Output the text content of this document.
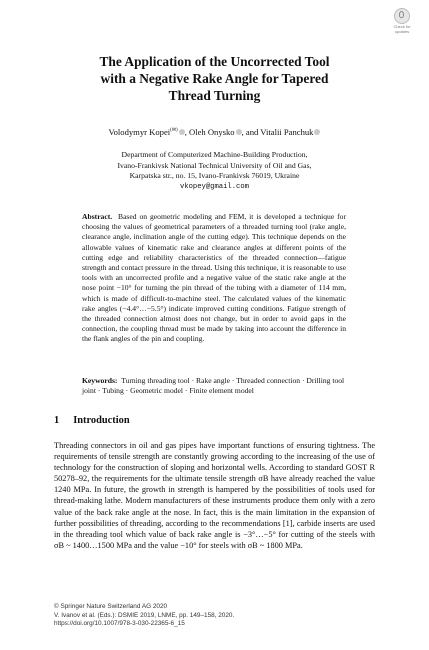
Check for updates
The Application of the Uncorrected Tool
with a Negative Rake Angle for Tapered
Thread Turning
Volodymyr Kopei(✉) , Oleh Onysko , and Vitalii Panchuk
Department of Computerized Machine-Building Production,
Ivano-Frankivsk National Technical University of Oil and Gas,
Karpatska str., no. 15, Ivano-Frankivsk 76019, Ukraine
vkopey@gmail.com
Abstract. Based on geometric modeling and FEM, it is developed a technique for choosing the values of geometrical parameters of a threaded turning tool (rake angle, clearance angle, inclination angle of the cutting edge). This technique depends on the allowable values of kinematic rake and clearance angles at different points of the cutting edge and reliability characteristics of the threaded connection—fatigue strength and contact pressure in the thread. Using this technique, it is reasonable to use tools with an uncorrected profile and a negative value of the static rake angle at the nose point −10° for turning the pin thread of the tubing with a diameter of 114 mm, which is made of difficult-to-machine steel. The calculated values of the kinematic rake angles (−4.4°…−5.5°) indicate improved cutting conditions. Fatigue strength of the threaded connection almost does not change, but in order to avoid gaps in the connection, the coupling thread must be made by taking into account the difference in the flank angles of the pin and coupling.
Keywords: Turning threading tool · Rake angle · Threaded connection · Drilling tool joint · Tubing · Geometric model · Finite element model
1 Introduction
Threading connectors in oil and gas pipes have important functions of ensuring tightness. The requirements of tensile strength are constantly growing according to the increasing of the use of technology for the construction of sloping and horizontal wells. According to standard GOST R 50278–92, the requirements for the ultimate tensile strength σB have already reached the value 1240 MPa. In future, the growth in strength is hampered by the possibilities of tools used for thread-making lathe. Modern manufacturers of these instruments produce them only with a zero value of the back rake angle at the nose. In fact, this is the main limitation in the expansion of further possibilities of threading, according to the recommendations [1], carbide inserts are used in the threading tool which value of back rake angle is −3°…−5° for cutting of the steels with σB ~ 1400…1500 MPa and the value −10° for steels with σB ~ 1800 MPa.
© Springer Nature Switzerland AG 2020
V. Ivanov et al. (Eds.): DSMIE 2019, LNME, pp. 149–158, 2020.
https://doi.org/10.1007/978-3-030-22365-6_15
